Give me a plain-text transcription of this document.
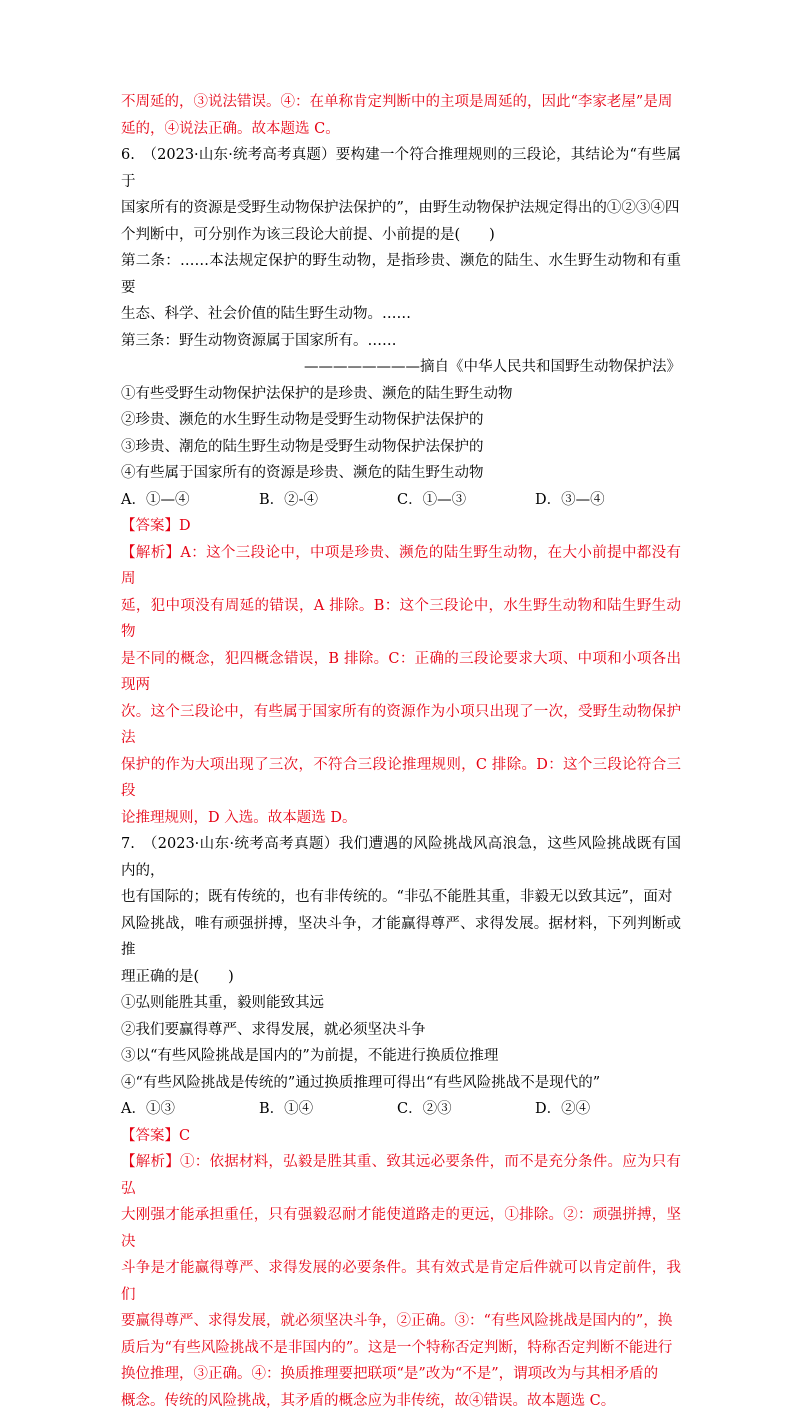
不周延的，③说法错误。④：在单称肯定判断中的主项是周延的，因此“李家老屋”是周

延的，④说法正确。故本题选 C。

6.　（2023·山东·统考高考真题）要构建一个符合推理规则的三段论，其结论为“有些属于

国家所有的资源是受野生动物保护法保护的”，由野生动物保护法规定得出的①②③④四

个判断中，可分别作为该三段论大前提、小前提的是(　　)

第二条：……本法规定保护的野生动物，是指珍贵、濒危的陆生、水生野生动物和有重要

生态、科学、社会价值的陆生野生动物。……

第三条：野生动物资源属于国家所有。……

————————摘自《中华人民共和国野生动物保护法》

①有些受野生动物保护法保护的是珍贵、濒危的陆生野生动物

②珍贵、濒危的水生野生动物是受野生动物保护法保护的

③珍贵、潮危的陆生野生动物是受野生动物保护法保护的

④有些属于国家所有的资源是珍贵、濒危的陆生野生动物

A．①—④	B．②-④	C．①—③	D．③—④

【答案】D

【解析】A：这个三段论中，中项是珍贵、濒危的陆生野生动物，在大小前提中都没有周

延，犯中项没有周延的错误，A 排除。B：这个三段论中，水生野生动物和陆生野生动物

是不同的概念，犯四概念错误，B 排除。C：正确的三段论要求大项、中项和小项各出现两

次。这个三段论中，有些属于国家所有的资源作为小项只出现了一次，受野生动物保护法

保护的作为大项出现了三次，不符合三段论推理规则，C 排除。D：这个三段论符合三段

论推理规则，D 入选。故本题选 D。

7.　（2023·山东·统考高考真题）我们遭遇的风险挑战风高浪急，这些风险挑战既有国内的，

也有国际的；既有传统的，也有非传统的。“非弘不能胜其重，非毅无以致其远”，面对

风险挑战，唯有顽强拼搏，坚决斗争，才能赢得尊严、求得发展。据材料，下列判断或推

理正确的是(　　)

①弘则能胜其重，毅则能致其远

②我们要赢得尊严、求得发展，就必须坚决斗争

③以“有些风险挑战是国内的”为前提，不能进行换质位推理

④“有些风险挑战是传统的”通过换质推理可得出“有些风险挑战不是现代的”

A．①③	B．①④	C．②③	D．②④

【答案】C

【解析】①：依据材料，弘毅是胜其重、致其远必要条件，而不是充分条件。应为只有弘

大刚强才能承担重任，只有强毅忍耐才能使道路走的更远，①排除。②：顽强拼搏，坚决

斗争是才能赢得尊严、求得发展的必要条件。其有效式是肯定后件就可以肯定前件，我们

要赢得尊严、求得发展，就必须坚决斗争，②正确。③：“有些风险挑战是国内的”，换

质后为“有些风险挑战不是非国内的”。这是一个特称否定判断，特称否定判断不能进行

换位推理，③正确。④：换质推理要把联项“是”改为“不是”，谓项改为与其相矛盾的

概念。传统的风险挑战，其矛盾的概念应为非传统，故④错误。故本题选 C。
